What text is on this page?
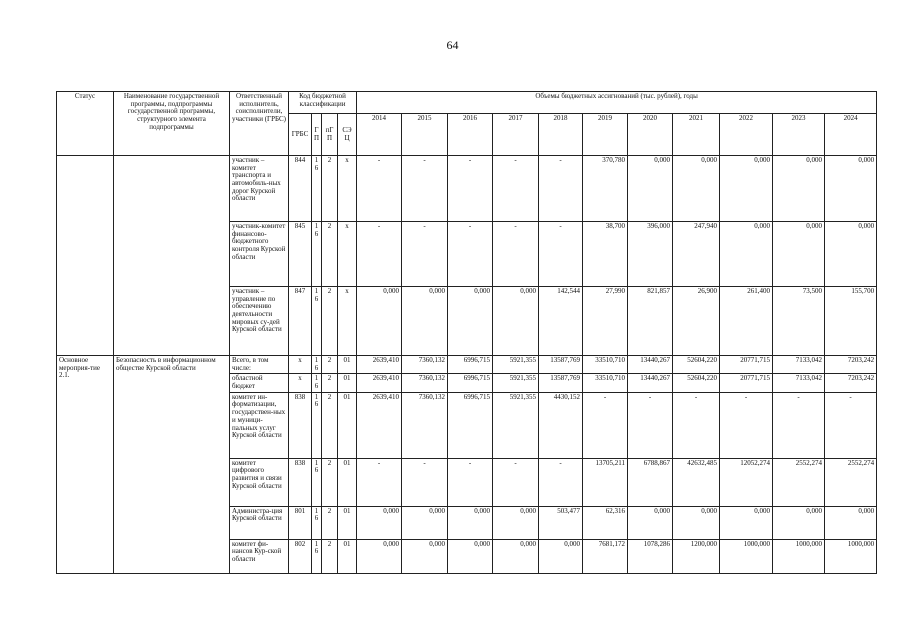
64
Статус	Наименование государственной программы, подпрограммы государственной программы, структурного элемента подпрограммы	Ответственный исполнитель, соисполнители, участники (ГРБС)	Код бюджетной классификации				Объемы бюджетных ассигнований (тыс. рублей), годы										
			ГРБС	ГП	пГП	СЭЦ	2014	2015	2016	2017	2018	2019	2020	2021	2022	2023	2024
		участник – комитет транспорта и автомобиль-ных дорог Курской области	844	16	2	х	-	-	-	-	-	370,780	0,000	0,000	0,000	0,000	0,000
		участник-комитет финансово-бюджетного контроля Курской области	845	16	2	х	-	-	-	-	-	38,700	396,000	247,940	0,000	0,000	0,000
		участник – управление по обеспечению деятельности мировых су-дей Курской области	847	16	2	х	0,000	0,000	0,000	0,000	142,544	27,990	821,857	26,900	261,400	73,500	155,700
Основное мероприя-тие 2.1.	Безопасность в информационном обществе Курской области	Всего, в том числе:	х	16	2	01	2639,410	7360,132	6996,715	5921,355	13587,769	33510,710	13440,267	52604,220	20771,715	7133,042	7203,242
		областной бюджет	х	16	2	01	2639,410	7360,132	6996,715	5921,355	13587,769	33510,710	13440,267	52604,220	20771,715	7133,042	7203,242
		комитет ин-форматизации, государствен-ных и муници-пальных услуг Курской области	838	16	2	01	2639,410	7360,132	6996,715	5921,355	4430,152	-	-	-	-	-	-
		комитет цифрового развития и связи Курской области	838	16	2	01	-	-	-	-	-	13705,211	6788,867	42632,485	12052,274	2552,274	2552,274
		Администра-ция Курской области	801	16	2	01	0,000	0,000	0,000	0,000	503,477	62,316	0,000	0,000	0,000	0,000	0,000
		комитет фи-нансов Кур-ской области	802	16	2	01	0,000	0,000	0,000	0,000	0,000	7681,172	1078,286	1200,000	1000,000	1000,000	1000,000
